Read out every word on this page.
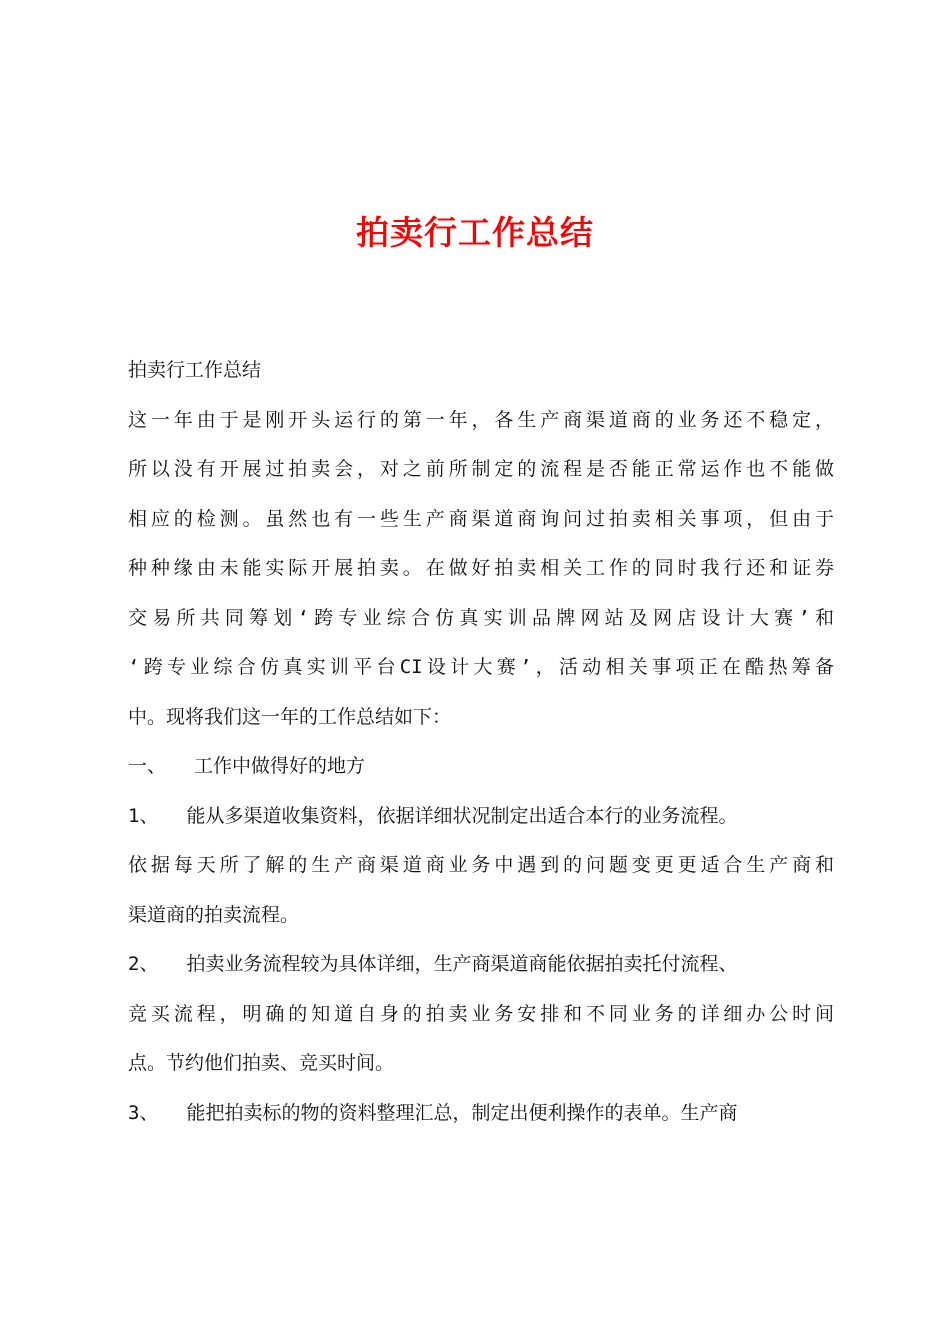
拍卖行工作总结
拍卖行工作总结
这一年由于是刚开头运行的第一年，各生产商渠道商的业务还不稳定，
所以没有开展过拍卖会，对之前所制定的流程是否能正常运作也不能做
相应的检测。虽然也有一些生产商渠道商询问过拍卖相关事项，但由于
种种缘由未能实际开展拍卖。在做好拍卖相关工作的同时我行还和证券
交易所共同筹划‘跨专业综合仿真实训品牌网站及网店设计大赛’和
‘跨专业综合仿真实训平台CI设计大赛’，活动相关事项正在酷热筹备
中。现将我们这一年的工作总结如下：
一、 工作中做得好的地方
1、 能从多渠道收集资料，依据详细状况制定出适合本行的业务流程。
依据每天所了解的生产商渠道商业务中遇到的问题变更更适合生产商和
渠道商的拍卖流程。
2、 拍卖业务流程较为具体详细，生产商渠道商能依据拍卖托付流程、
竞买流程，明确的知道自身的拍卖业务安排和不同业务的详细办公时间
点。节约他们拍卖、竞买时间。
3、 能把拍卖标的物的资料整理汇总，制定出便利操作的表单。生产商
